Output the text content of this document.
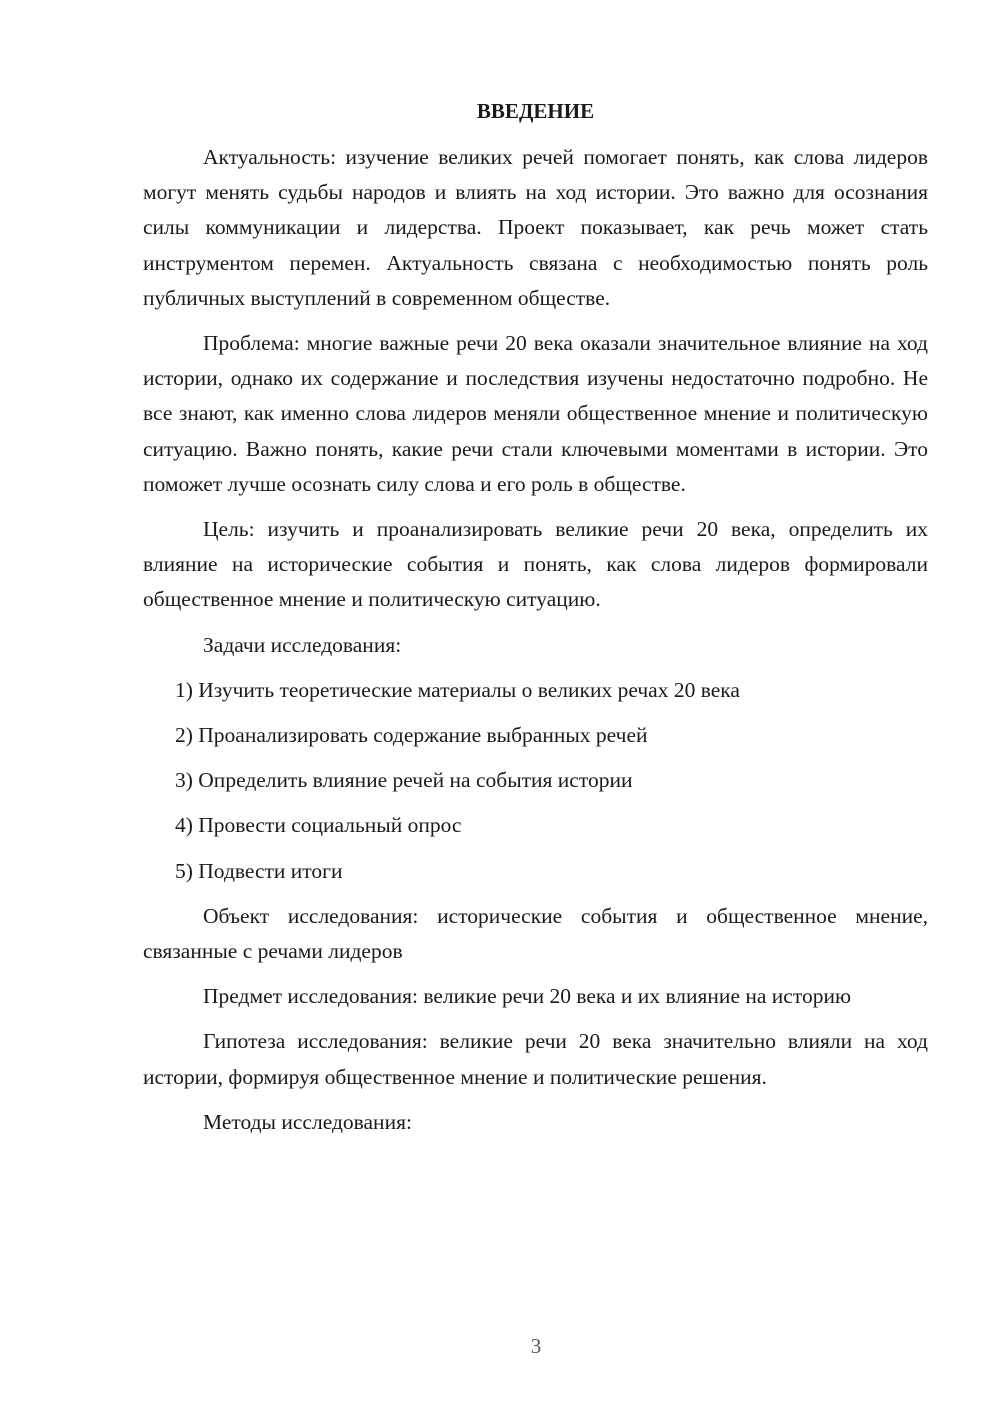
ВВЕДЕНИЕ

Актуальность: изучение великих речей помогает понять, как слова лидеров могут менять судьбы народов и влиять на ход истории. Это важно для осознания силы коммуникации и лидерства. Проект показывает, как речь может стать инструментом перемен. Актуальность связана с необходимостью понять роль публичных выступлений в современном обществе.

Проблема: многие важные речи 20 века оказали значительное влияние на ход истории, однако их содержание и последствия изучены недостаточно подробно. Не все знают, как именно слова лидеров меняли общественное мнение и политическую ситуацию. Важно понять, какие речи стали ключевыми моментами в истории. Это поможет лучше осознать силу слова и его роль в обществе.

Цель: изучить и проанализировать великие речи 20 века, определить их влияние на исторические события и понять, как слова лидеров формировали общественное мнение и политическую ситуацию.

Задачи исследования:

1) Изучить теоретические материалы о великих речах 20 века
2) Проанализировать содержание выбранных речей
3) Определить влияние речей на события истории
4) Провести социальный опрос
5) Подвести итоги

Объект исследования: исторические события и общественное мнение, связанные с речами лидеров

Предмет исследования: великие речи 20 века и их влияние на историю

Гипотеза исследования: великие речи 20 века значительно влияли на ход истории, формируя общественное мнение и политические решения.

Методы исследования:

3
